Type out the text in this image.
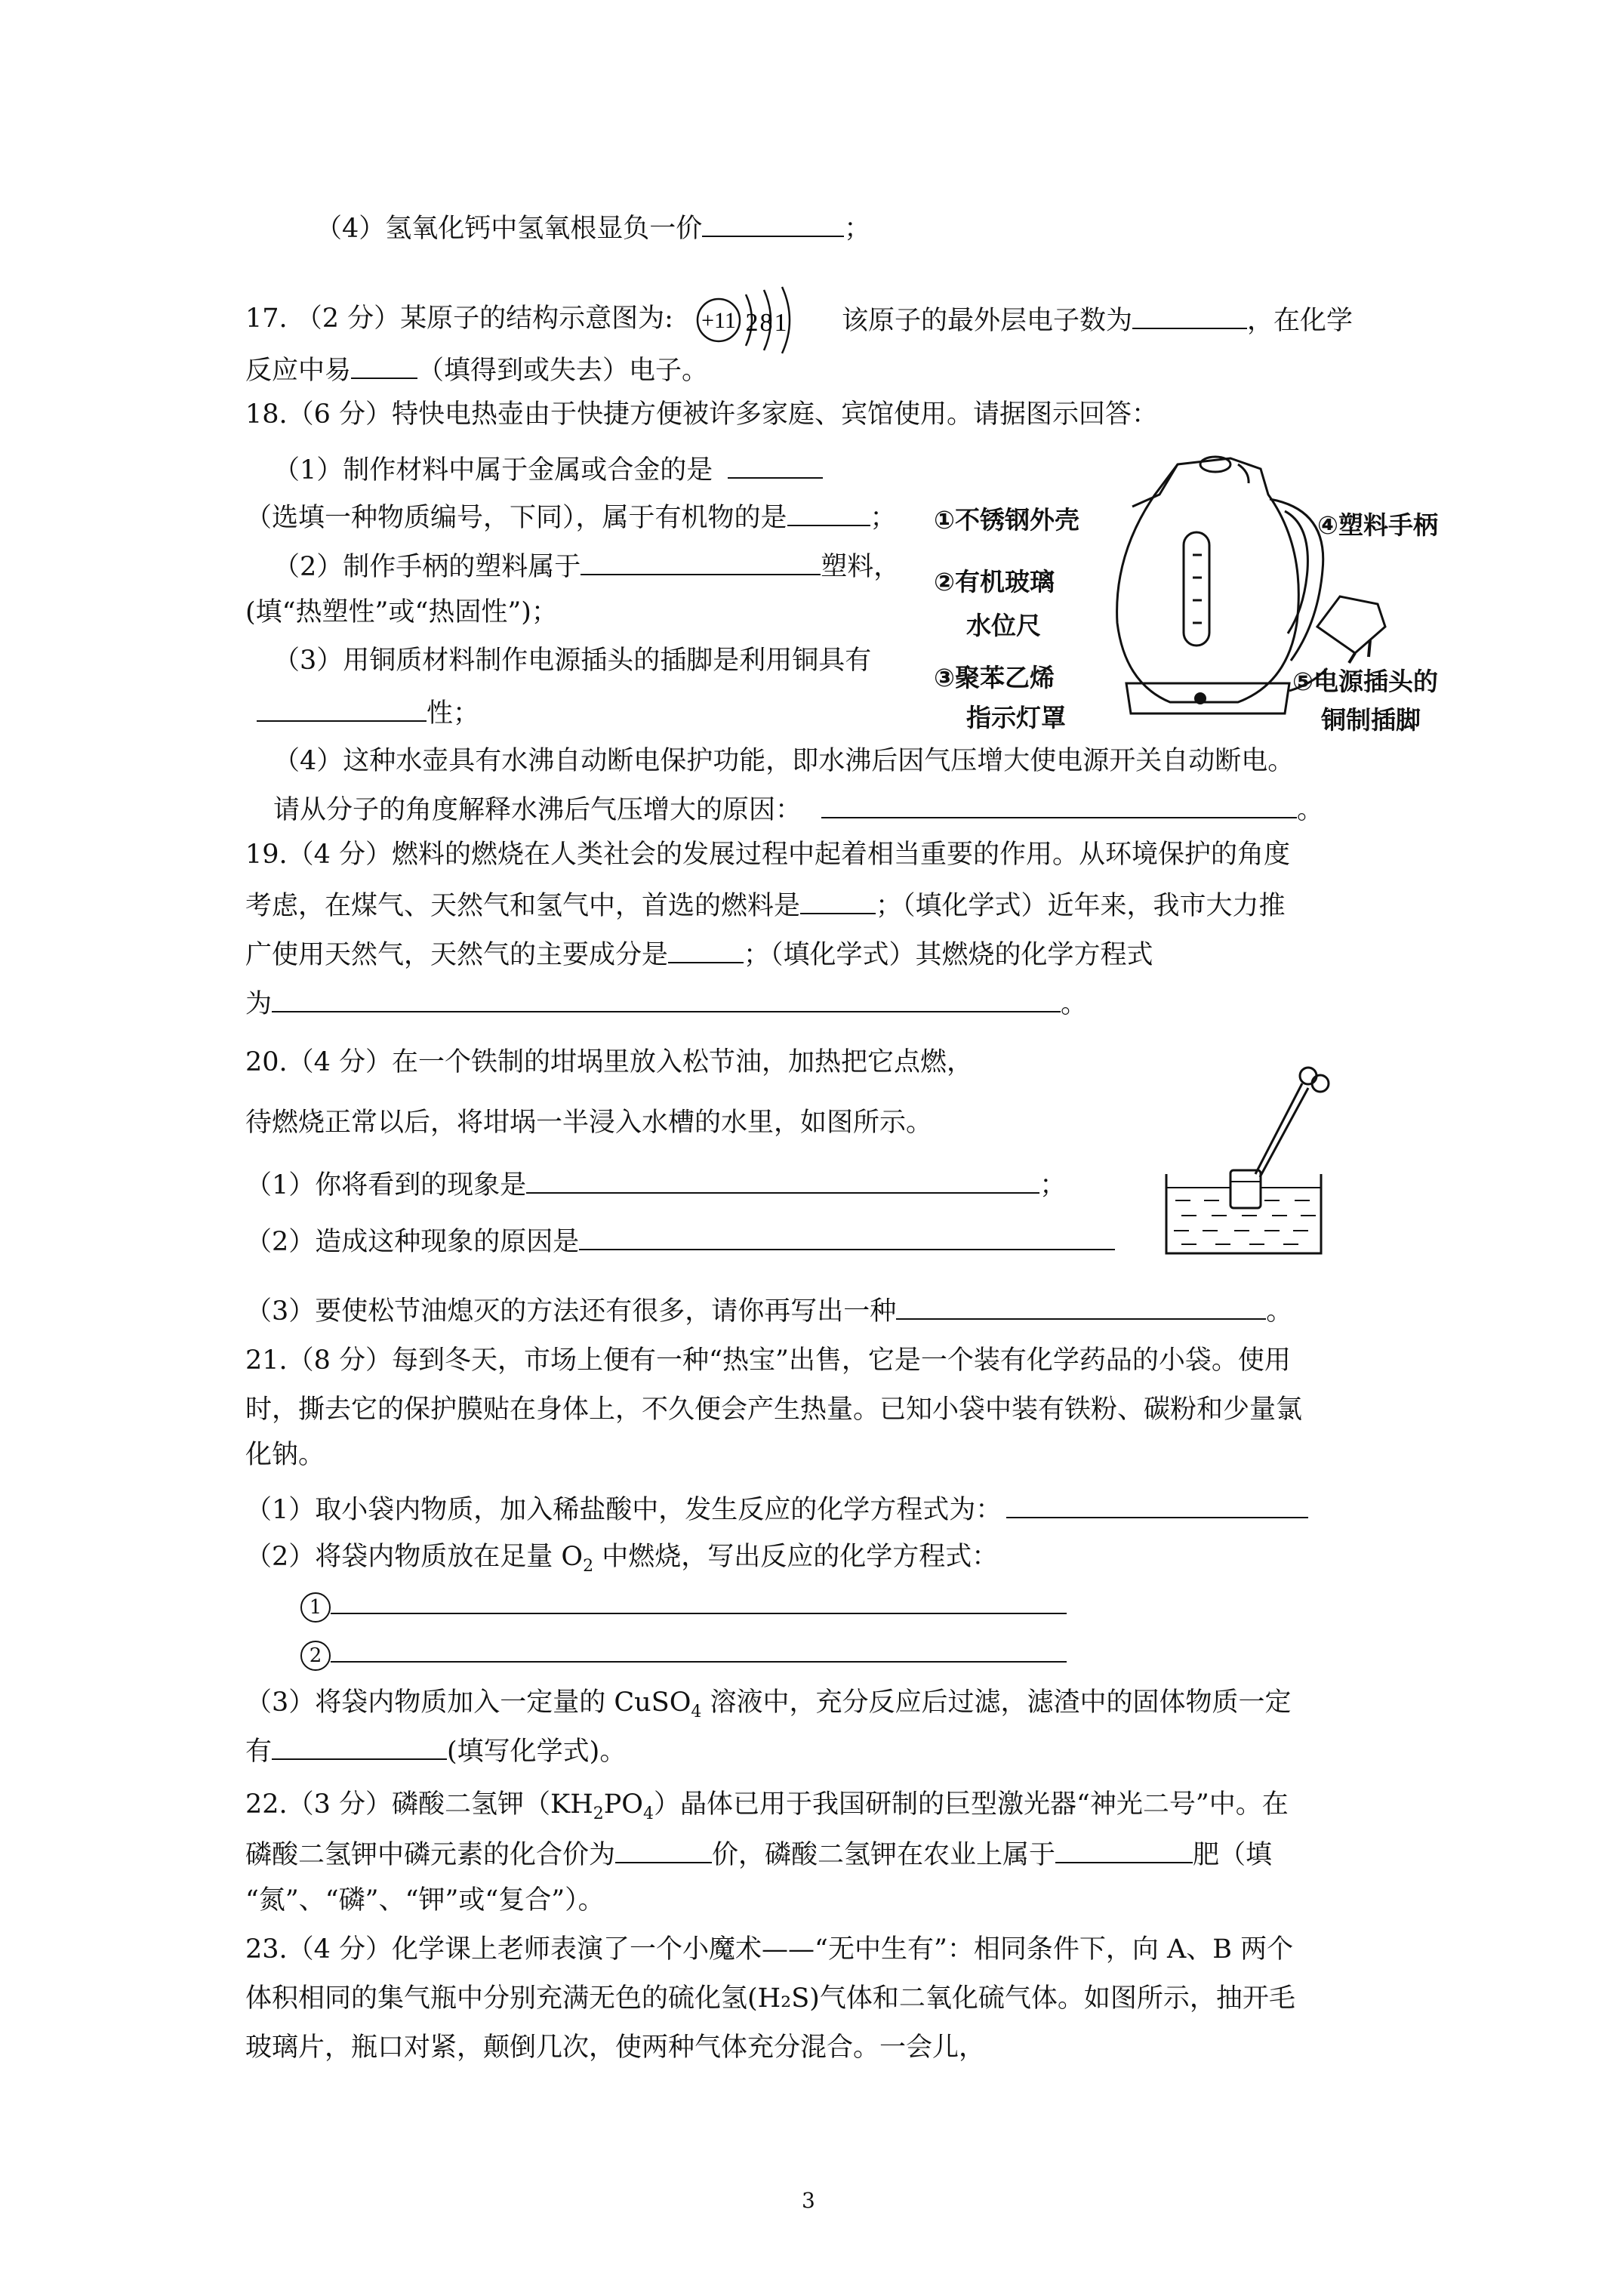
（4）氢氧化钙中氢氧根显负一价	；
17. （2 分）某原子的结构示意图为: +11 281 该原子的最外层电子数为	，在化学
反应中易	（填得到或失去）电子。
18.（6 分）特快电热壶由于快捷方便被许多家庭、宾馆使用。请据图示回答：
（1）制作材料中属于金属或合金的是
（选填一种物质编号，下同），属于有机物的是	；
（2）制作手柄的塑料属于	塑料，
(填“热塑性”或“热固性”)；
（3）用铜质材料制作电源插头的插脚是利用铜具有
性；
①不锈钢外壳
②有机玻璃
水位尺
③聚苯乙烯
指示灯罩
④塑料手柄
⑤电源插头的
铜制插脚
（4）这种水壶具有水沸自动断电保护功能，即水沸后因气压增大使电源开关自动断电。
请从分子的角度解释水沸后气压增大的原因：	。
19.（4 分）燃料的燃烧在人类社会的发展过程中起着相当重要的作用。从环境保护的角度
考虑，在煤气、天然气和氢气中，首选的燃料是	；（填化学式）近年来，我市大力推
广使用天然气，天然气的主要成分是	；（填化学式）其燃烧的化学方程式
为	。
20.（4 分）在一个铁制的坩埚里放入松节油，加热把它点燃，
待燃烧正常以后，将坩埚一半浸入水槽的水里，如图所示。
（1）你将看到的现象是	；
（2）造成这种现象的原因是
（3）要使松节油熄灭的方法还有很多，请你再写出一种	。
21.（8 分）每到冬天，市场上便有一种“热宝”出售，它是一个装有化学药品的小袋。使用
时，撕去它的保护膜贴在身体上，不久便会产生热量。已知小袋中装有铁粉、碳粉和少量氯
化钠。
（1）取小袋内物质，加入稀盐酸中，发生反应的化学方程式为：
（2）将袋内物质放在足量 $O_2$ 中燃烧，写出反应的化学方程式：
1
2
（3）将袋内物质加入一定量的 CuSO$_4$ 溶液中，充分反应后过滤，滤渣中的固体物质一定
有	(填写化学式)。
22.（3 分）磷酸二氢钾$(KH_2PO_4)$晶体已用于我国研制的巨型激光器“神光二号”中。在
磷酸二氢钾中磷元素的化合价为	价，磷酸二氢钾在农业上属于	肥（填
“氮”、“磷”、“钾”或“复合”）。
23.（4 分）化学课上老师表演了一个小魔术——“无中生有”：相同条件下，向 A、B 两个
体积相同的集气瓶中分别充满无色的硫化氢(H₂S)气体和二氧化硫气体。如图所示，抽开毛
玻璃片，瓶口对紧，颠倒几次，使两种气体充分混合。一会儿，
3
